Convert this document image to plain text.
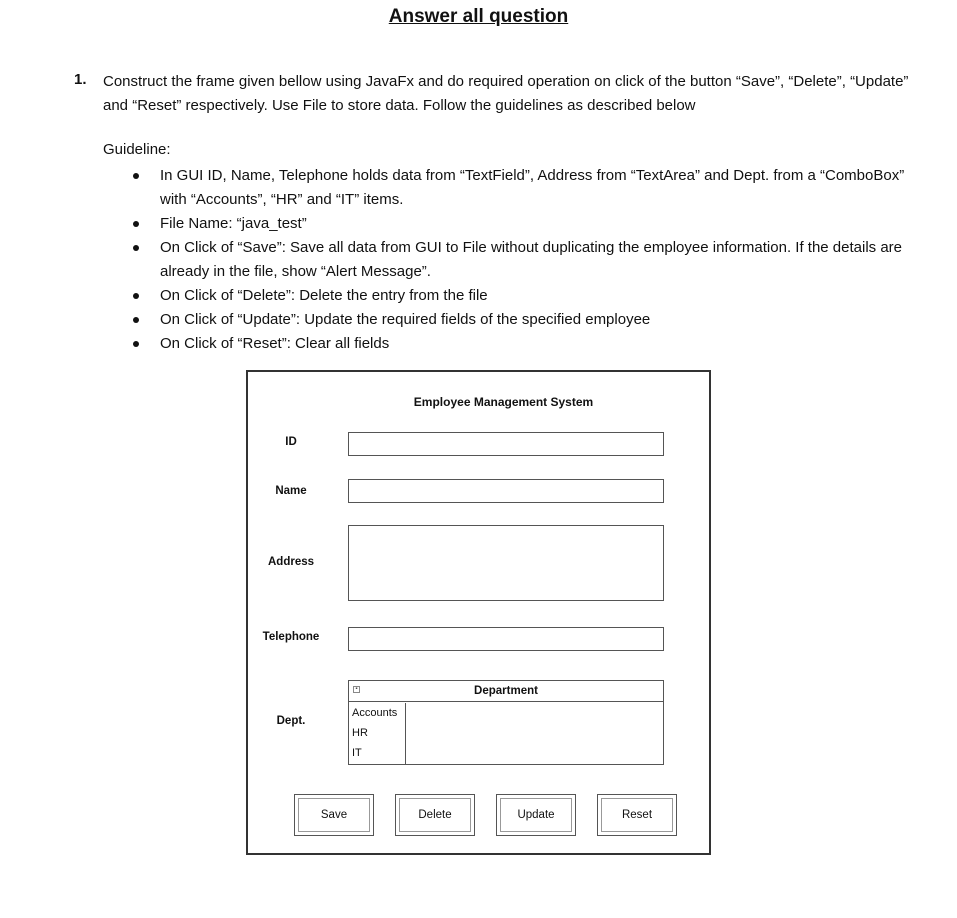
Answer all question
1. Construct the frame given bellow using JavaFx and do required operation on click of the button “Save”, “Delete”, “Update” and “Reset” respectively. Use File to store data. Follow the guidelines as described below
Guideline:
In GUI ID, Name, Telephone holds data from “TextField”, Address from “TextArea” and Dept. from a “ComboBox” with “Accounts”, “HR” and “IT” items.
File Name: “java_test”
On Click of “Save”: Save all data from GUI to File without duplicating the employee information. If the details are already in the file, show “Alert Message”.
On Click of “Delete”: Delete the entry from the file
On Click of “Update”: Update the required fields of the specified employee
On Click of “Reset”: Clear all fields
Employee Management System
ID
Name
Address
Telephone
Dept.
▪	Department
Accounts
HR
IT
Save	Delete	Update	Reset
